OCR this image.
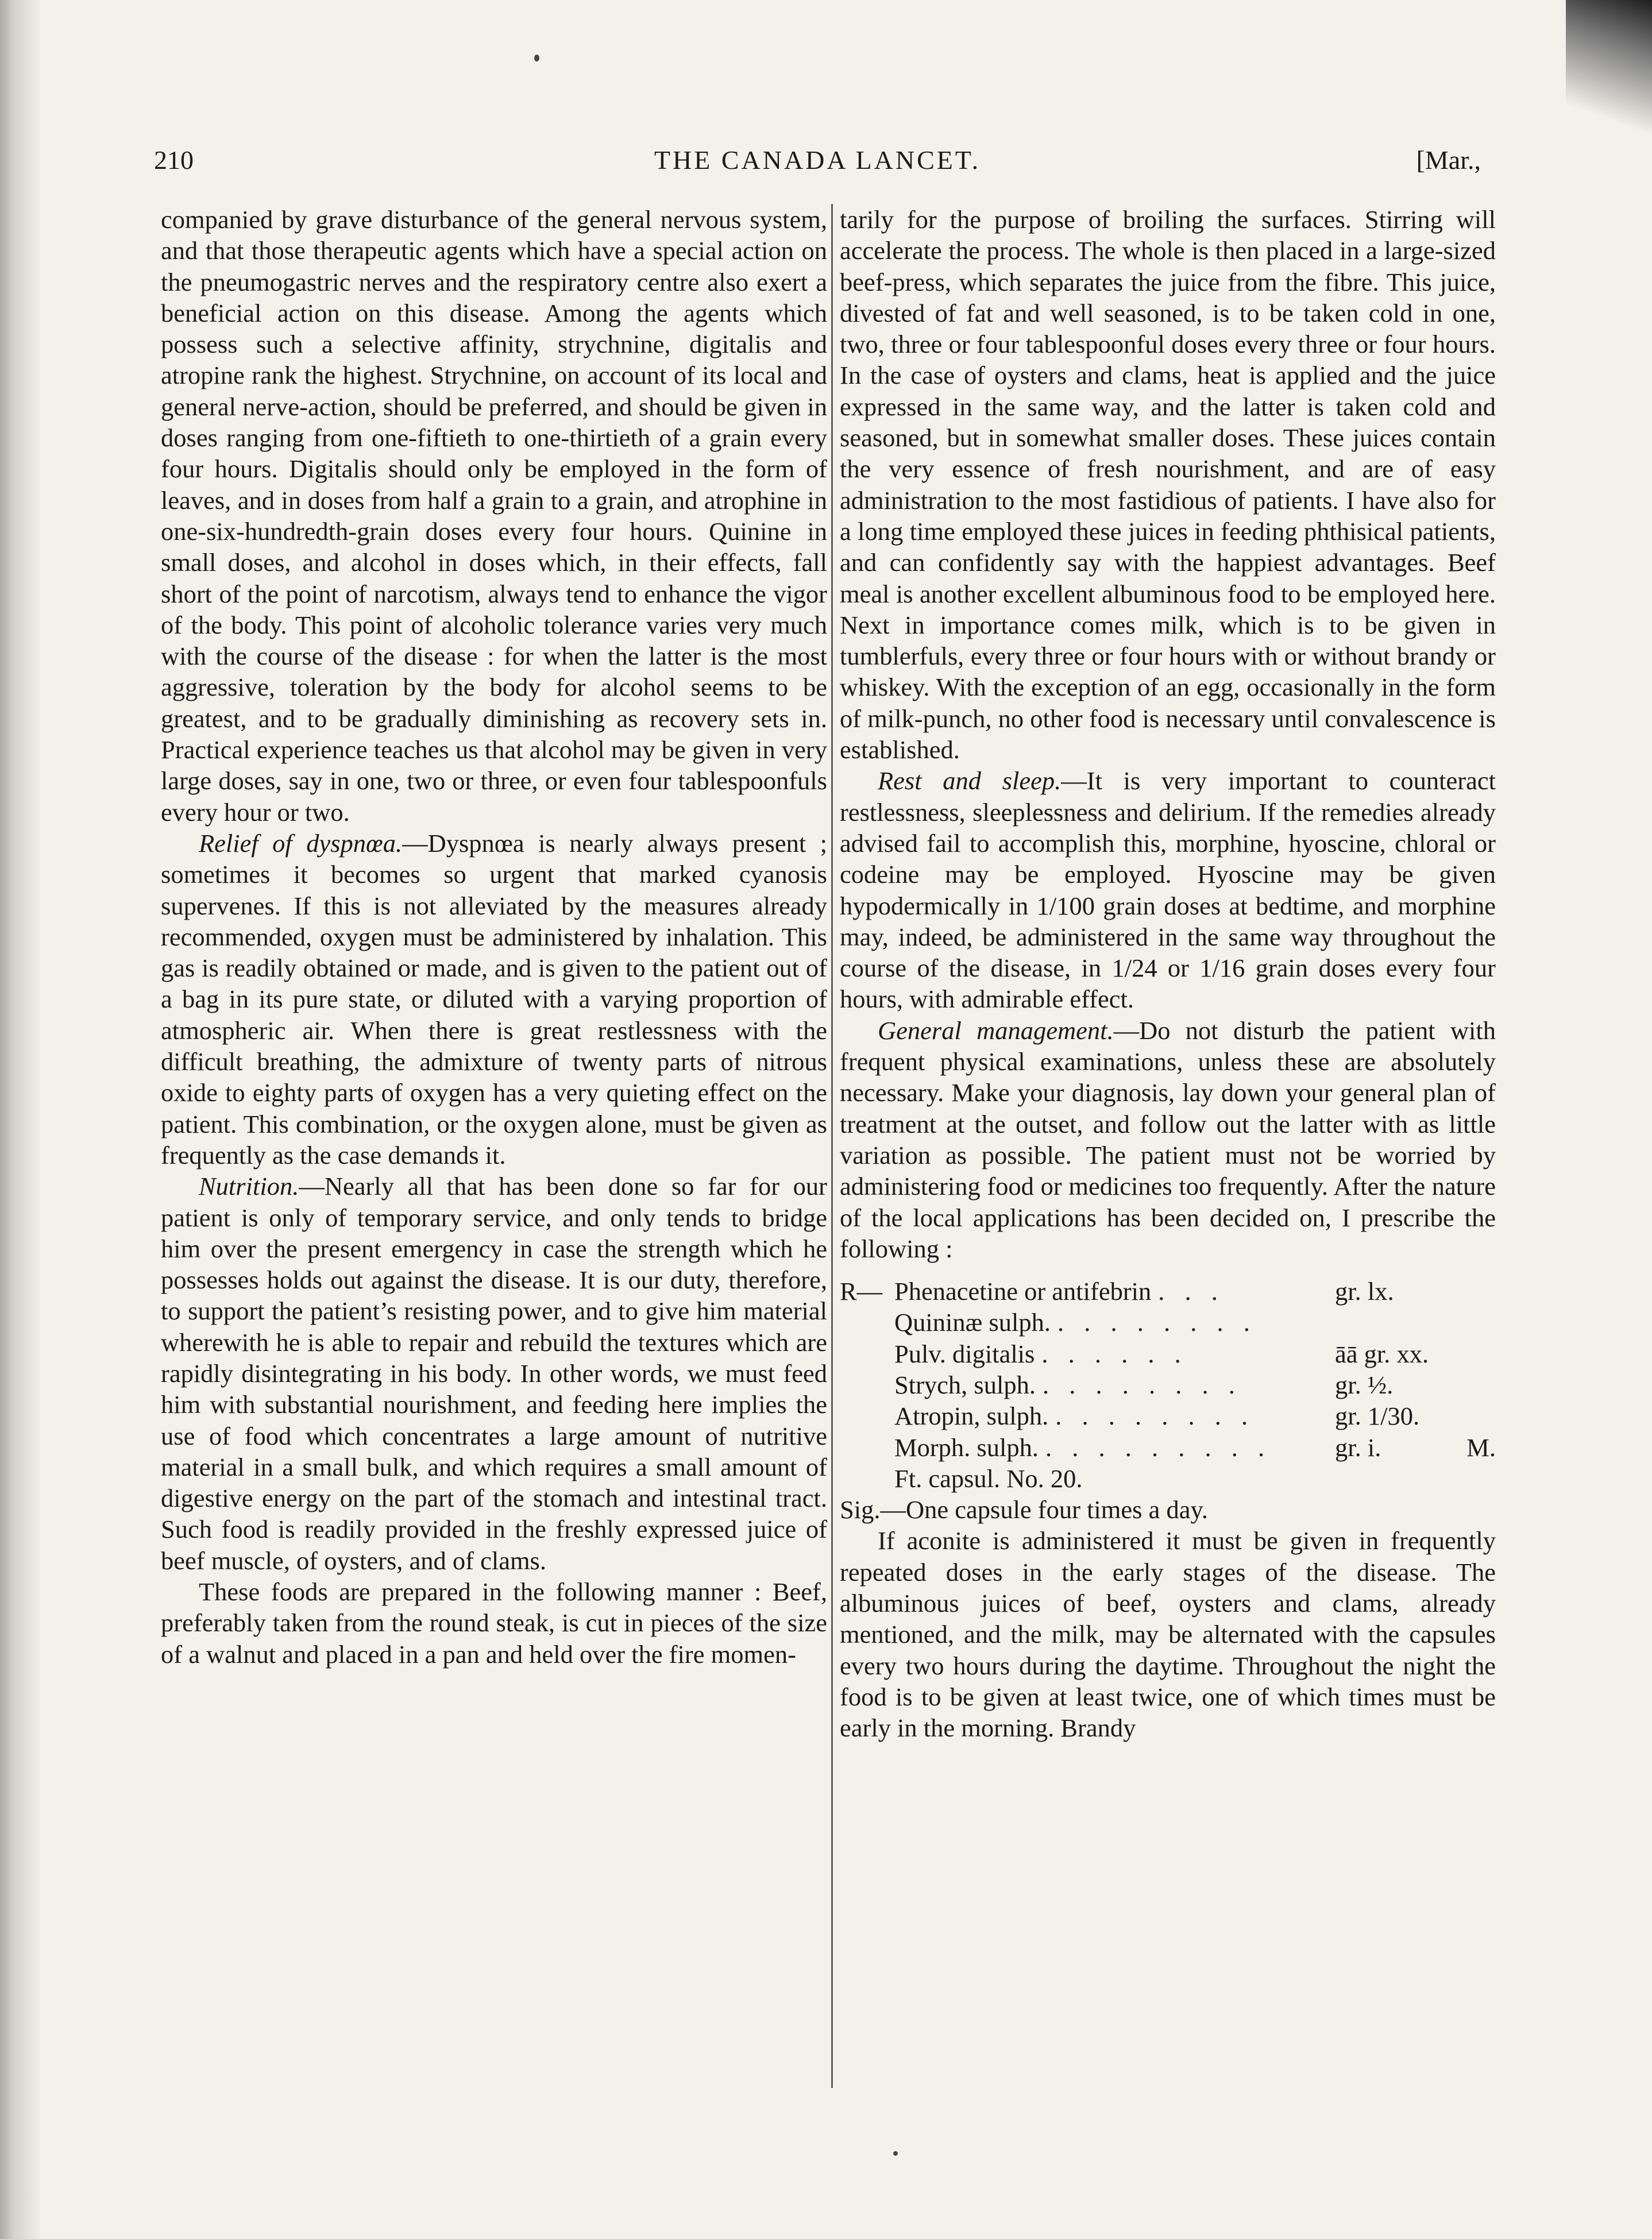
210	THE CANADA LANCET.	[Mar.,

companied by grave disturbance of the general nervous system, and that those therapeutic agents which have a special action on the pneumogastric nerves and the respiratory centre also exert a beneficial action on this disease. Among the agents which possess such a selective affinity, strychnine, digitalis and atropine rank the highest. Strychnine, on account of its local and general nerve-action, should be preferred, and should be given in doses ranging from one-fiftieth to one-thirtieth of a grain every four hours. Digitalis should only be employed in the form of leaves, and in doses from half a grain to a grain, and atrophine in one-six-hundredth-grain doses every four hours. Quinine in small doses, and alcohol in doses which, in their effects, fall short of the point of narcotism, always tend to enhance the vigor of the body. This point of alcoholic tolerance varies very much with the course of the disease : for when the latter is the most aggressive, toleration by the body for alcohol seems to be greatest, and to be gradually diminishing as recovery sets in. Practical experience teaches us that alcohol may be given in very large doses, say in one, two or three, or even four tablespoonfuls every hour or two.

Relief of dyspnœa.—Dyspnœa is nearly always present ; sometimes it becomes so urgent that marked cyanosis supervenes. If this is not alleviated by the measures already recommended, oxygen must be administered by inhalation. This gas is readily obtained or made, and is given to the patient out of a bag in its pure state, or diluted with a varying proportion of atmospheric air. When there is great restlessness with the difficult breathing, the admixture of twenty parts of nitrous oxide to eighty parts of oxygen has a very quieting effect on the patient. This combination, or the oxygen alone, must be given as frequently as the case demands it.

Nutrition.—Nearly all that has been done so far for our patient is only of temporary service, and only tends to bridge him over the present emergency in case the strength which he possesses holds out against the disease. It is our duty, therefore, to support the patient’s resisting power, and to give him material wherewith he is able to repair and rebuild the textures which are rapidly disintegrating in his body. In other words, we must feed him with substantial nourishment, and feeding here implies the use of food which concentrates a large amount of nutritive material in a small bulk, and which requires a small amount of digestive energy on the part of the stomach and intestinal tract. Such food is readily provided in the freshly expressed juice of beef muscle, of oysters, and of clams.

These foods are prepared in the following manner : Beef, preferably taken from the round steak, is cut in pieces of the size of a walnut and placed in a pan and held over the fire momen-

tarily for the purpose of broiling the surfaces. Stirring will accelerate the process. The whole is then placed in a large-sized beef-press, which separates the juice from the fibre. This juice, divested of fat and well seasoned, is to be taken cold in one, two, three or four tablespoonful doses every three or four hours. In the case of oysters and clams, heat is applied and the juice expressed in the same way, and the latter is taken cold and seasoned, but in somewhat smaller doses. These juices contain the very essence of fresh nourishment, and are of easy administration to the most fastidious of patients. I have also for a long time employed these juices in feeding phthisical patients, and can confidently say with the happiest advantages. Beef meal is another excellent albuminous food to be employed here. Next in importance comes milk, which is to be given in tumblerfuls, every three or four hours with or without brandy or whiskey. With the exception of an egg, occasionally in the form of milk-punch, no other food is necessary until convalescence is established.

Rest and sleep.—It is very important to counteract restlessness, sleeplessness and delirium. If the remedies already advised fail to accomplish this, morphine, hyoscine, chloral or codeine may be employed. Hyoscine may be given hypodermically in 1/100 grain doses at bedtime, and morphine may, indeed, be administered in the same way throughout the course of the disease, in 1/24 or 1/16 grain doses every four hours, with admirable effect.

General management.—Do not disturb the patient with frequent physical examinations, unless these are absolutely necessary. Make your diagnosis, lay down your general plan of treatment at the outset, and follow out the latter with as little variation as possible. The patient must not be worried by administering food or medicines too frequently. After the nature of the local applications has been decided on, I prescribe the following :

R— Phenacetine or antifebrin . . .	gr. lx.
Quininæ sulph. . . . . . . . .
Pulv. digitalis . . . . . .	āā gr. xx.
Strych, sulph. . . . . . . . .	gr. ½.
Atropin, sulph. . . . . . . . .	gr. 1/30.
Morph. sulph. . . . . . . . . .	gr. i.	M.
Ft. capsul. No. 20.

Sig.—One capsule four times a day.

If aconite is administered it must be given in frequently repeated doses in the early stages of the disease. The albuminous juices of beef, oysters and clams, already mentioned, and the milk, may be alternated with the capsules every two hours during the daytime. Throughout the night the food is to be given at least twice, one of which times must be early in the morning. Brandy
